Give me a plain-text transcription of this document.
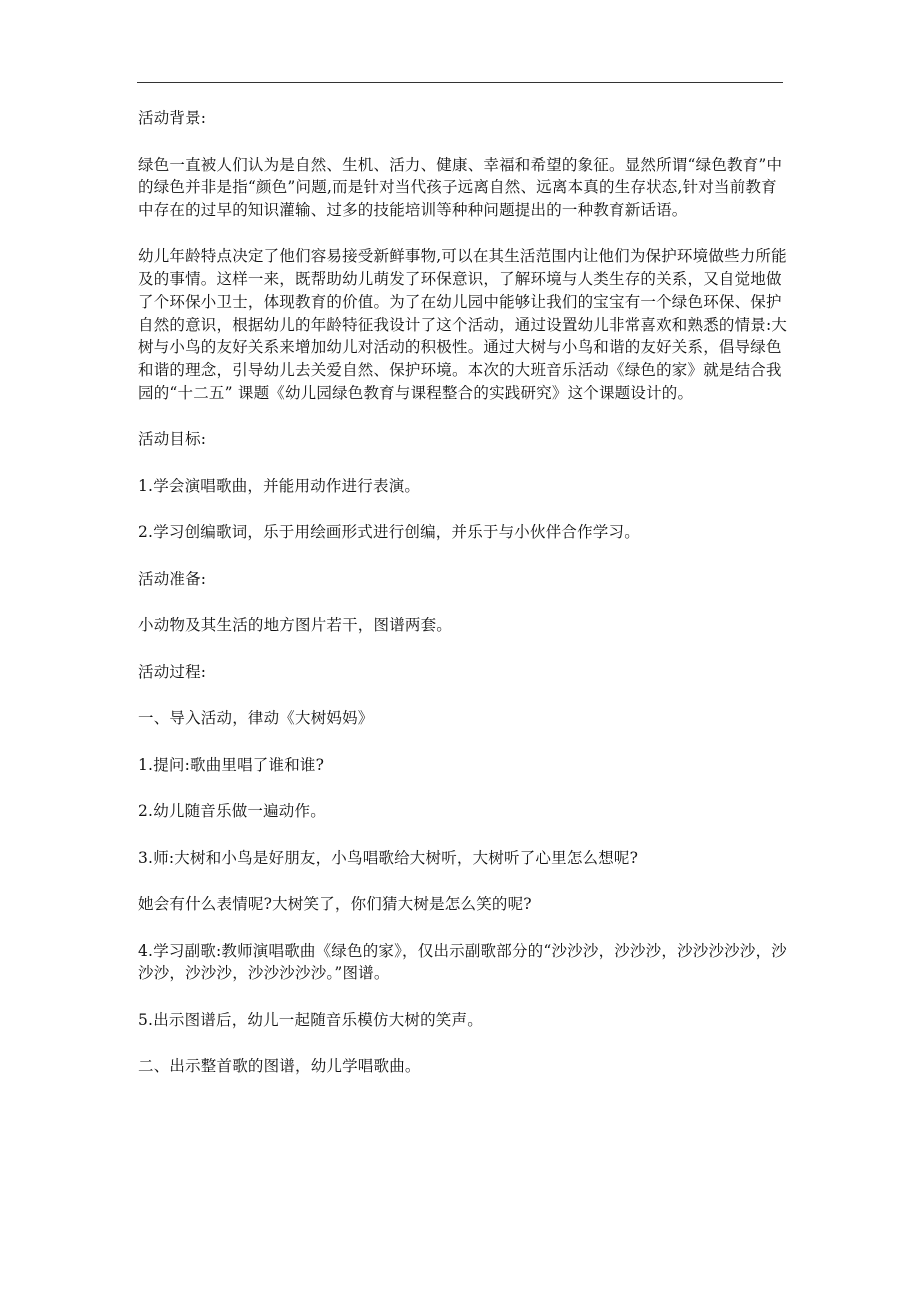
活动背景:

绿色一直被人们认为是自然、生机、活力、健康、幸福和希望的象征。显然所谓“绿色教育”中的绿色并非是指“颜色”问题,而是针对当代孩子远离自然、远离本真的生存状态,针对当前教育中存在的过早的知识灌输、过多的技能培训等种种问题提出的一种教育新话语。

幼儿年龄特点决定了他们容易接受新鲜事物,可以在其生活范围内让他们为保护环境做些力所能及的事情。这样一来，既帮助幼儿萌发了环保意识，了解环境与人类生存的关系，又自觉地做了个环保小卫士，体现教育的价值。为了在幼儿园中能够让我们的宝宝有一个绿色环保、保护自然的意识，根据幼儿的年龄特征我设计了这个活动，通过设置幼儿非常喜欢和熟悉的情景:大树与小鸟的友好关系来增加幼儿对活动的积极性。通过大树与小鸟和谐的友好关系，倡导绿色和谐的理念，引导幼儿去关爱自然、保护环境。本次的大班音乐活动《绿色的家》就是结合我园的“十二五” 课题《幼儿园绿色教育与课程整合的实践研究》这个课题设计的。

活动目标:

1.学会演唱歌曲，并能用动作进行表演。

2.学习创编歌词，乐于用绘画形式进行创编，并乐于与小伙伴合作学习。

活动准备:

小动物及其生活的地方图片若干，图谱两套。

活动过程:

一、导入活动，律动《大树妈妈》

1.提问:歌曲里唱了谁和谁?

2.幼儿随音乐做一遍动作。

3.师:大树和小鸟是好朋友，小鸟唱歌给大树听，大树听了心里怎么想呢?

她会有什么表情呢?大树笑了，你们猜大树是怎么笑的呢?

4.学习副歌:教师演唱歌曲《绿色的家》，仅出示副歌部分的“沙沙沙，沙沙沙，沙沙沙沙沙，沙沙沙，沙沙沙，沙沙沙沙沙。”图谱。

5.出示图谱后，幼儿一起随音乐模仿大树的笑声。

二、出示整首歌的图谱，幼儿学唱歌曲。
